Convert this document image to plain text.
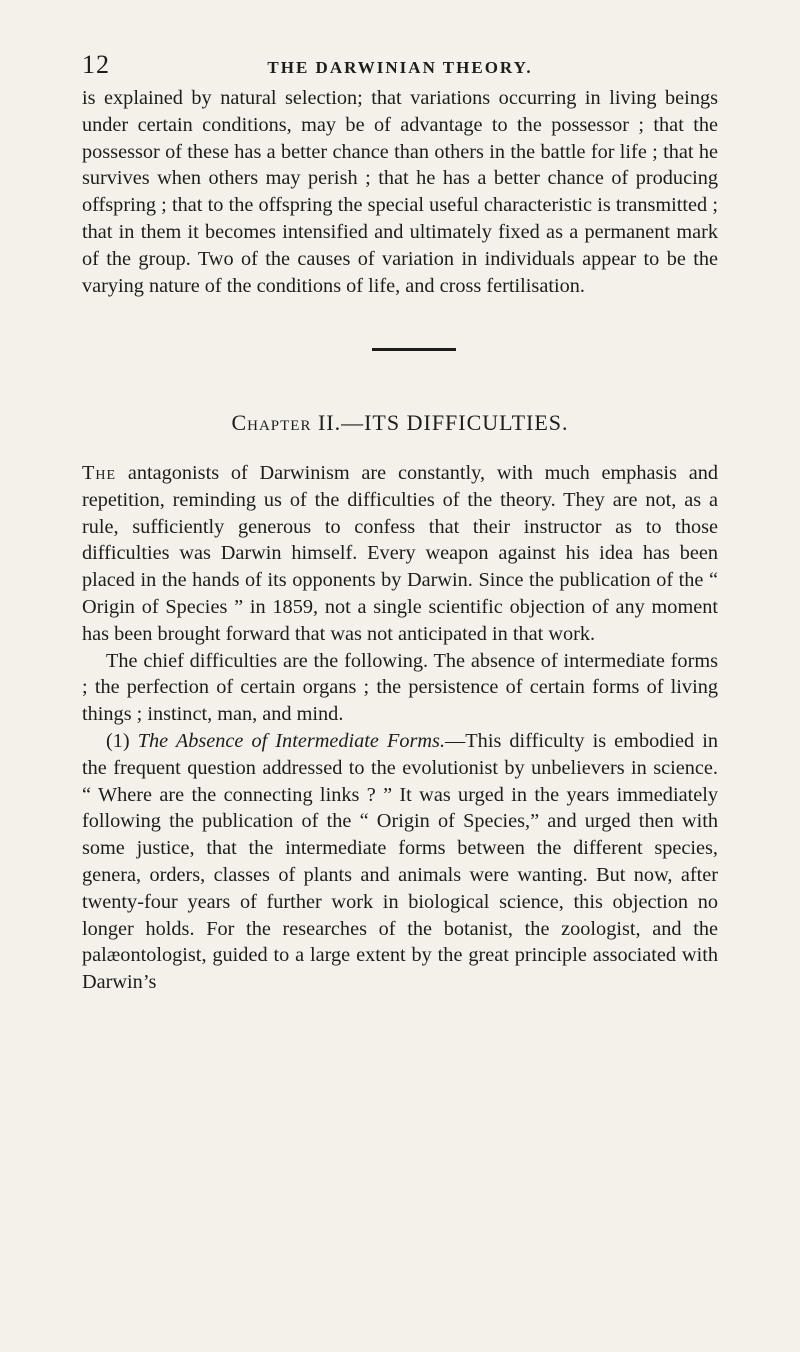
12	THE DARWINIAN THEORY.

is explained by natural selection; that variations occurring in living beings under certain conditions, may be of advantage to the possessor ; that the possessor of these has a better chance than others in the battle for life ; that he survives when others may perish ; that he has a better chance of producing offspring ; that to the offspring the special useful characteristic is transmitted ; that in them it becomes intensified and ultimately fixed as a permanent mark of the group. Two of the causes of variation in individuals appear to be the varying nature of the conditions of life, and cross fertilisation.

Chapter II.—ITS DIFFICULTIES.

The antagonists of Darwinism are constantly, with much emphasis and repetition, reminding us of the difficulties of the theory. They are not, as a rule, sufficiently generous to confess that their instructor as to those difficulties was Darwin himself. Every weapon against his idea has been placed in the hands of its opponents by Darwin. Since the publication of the “ Origin of Species ” in 1859, not a single scientific objection of any moment has been brought forward that was not anticipated in that work.

The chief difficulties are the following. The absence of intermediate forms ; the perfection of certain organs ; the persistence of certain forms of living things ; instinct, man, and mind.

(1) The Absence of Intermediate Forms.—This difficulty is embodied in the frequent question addressed to the evolutionist by unbelievers in science. “ Where are the connecting links ? ” It was urged in the years immediately following the publication of the “ Origin of Species,” and urged then with some justice, that the intermediate forms between the different species, genera, orders, classes of plants and animals were wanting. But now, after twenty-four years of further work in biological science, this objection no longer holds. For the researches of the botanist, the zoologist, and the palæontologist, guided to a large extent by the great principle associated with Darwin’s
